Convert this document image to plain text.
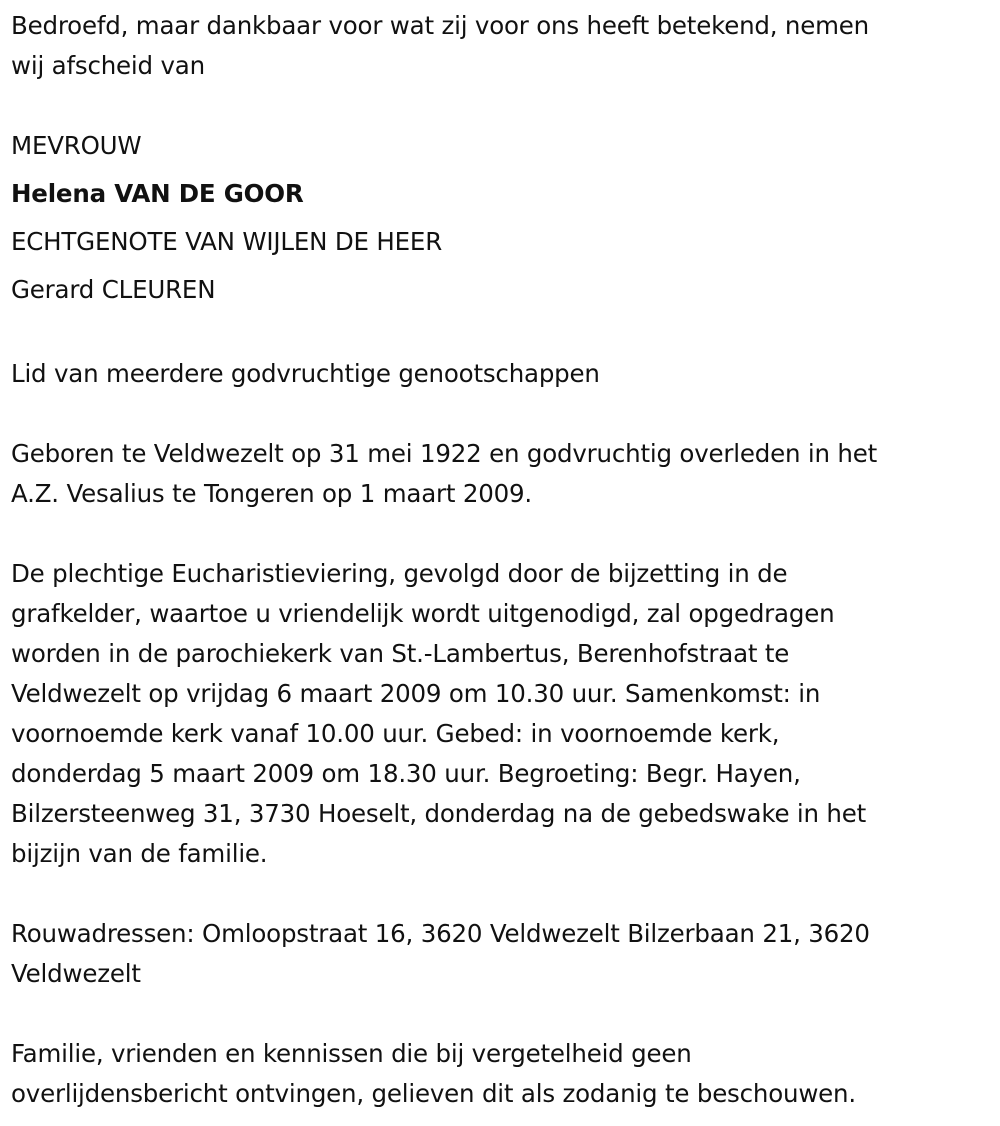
Bedroefd, maar dankbaar voor wat zij voor ons heeft betekend, nemen
wij afscheid van

MEVROUW
Helena VAN DE GOOR
ECHTGENOTE VAN WIJLEN DE HEER
Gerard CLEUREN

Lid van meerdere godvruchtige genootschappen

Geboren te Veldwezelt op 31 mei 1922 en godvruchtig overleden in het
A.Z. Vesalius te Tongeren op 1 maart 2009.

De plechtige Eucharistieviering, gevolgd door de bijzetting in de
grafkelder, waartoe u vriendelijk wordt uitgenodigd, zal opgedragen
worden in de parochiekerk van St.-Lambertus, Berenhofstraat te
Veldwezelt op vrijdag 6 maart 2009 om 10.30 uur. Samenkomst: in
voornoemde kerk vanaf 10.00 uur. Gebed: in voornoemde kerk,
donderdag 5 maart 2009 om 18.30 uur. Begroeting: Begr. Hayen,
Bilzersteenweg 31, 3730 Hoeselt, donderdag na de gebedswake in het
bijzijn van de familie.

Rouwadressen: Omloopstraat 16, 3620 Veldwezelt Bilzerbaan 21, 3620
Veldwezelt

Familie, vrienden en kennissen die bij vergetelheid geen
overlijdensbericht ontvingen, gelieven dit als zodanig te beschouwen.
